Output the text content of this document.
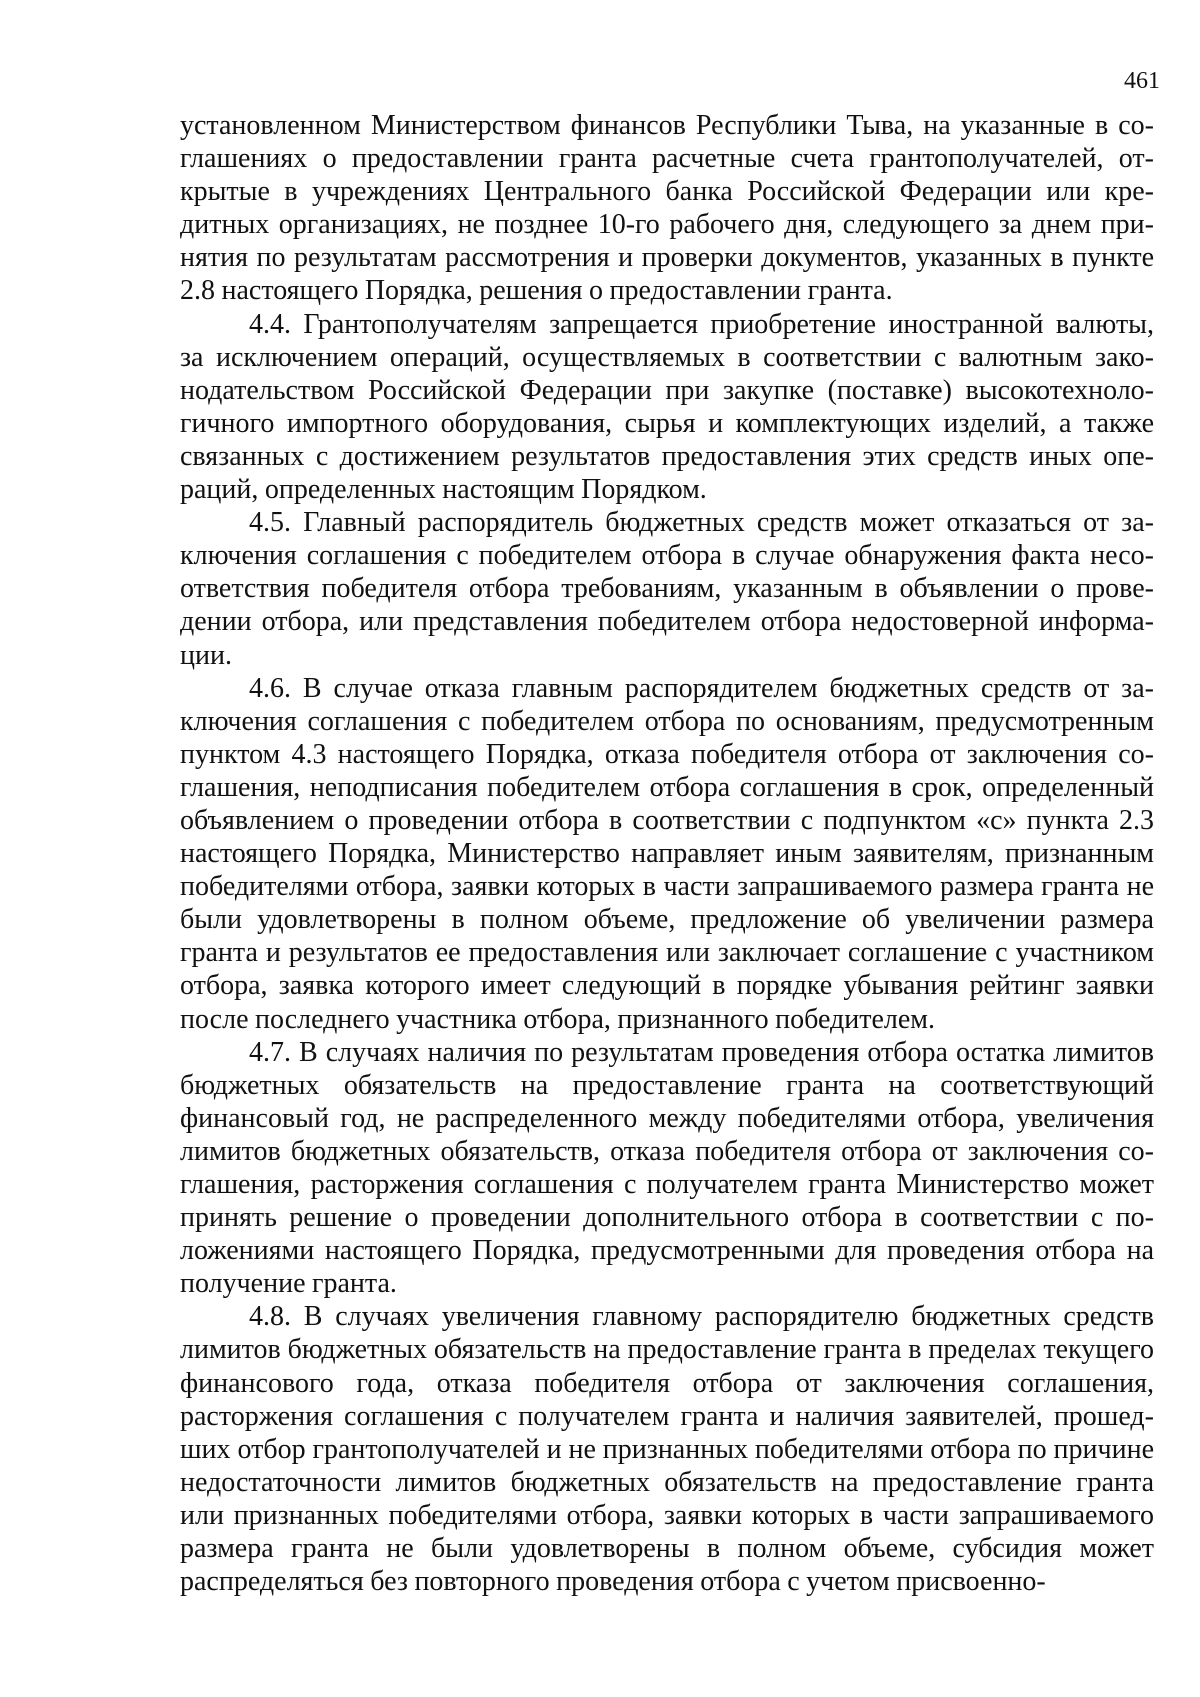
461

установленном Министерством финансов Республики Тыва, на указанные в соглашениях о предоставлении гранта расчетные счета грантополучателей, открытые в учреждениях Центрального банка Российской Федерации или кредитных организациях, не позднее 10-го рабочего дня, следующего за днем принятия по результатам рассмотрения и проверки документов, указанных в пункте 2.8 настоящего Порядка, решения о предоставлении гранта.

4.4. Грантополучателям запрещается приобретение иностранной валюты, за исключением операций, осуществляемых в соответствии с валютным законодательством Российской Федерации при закупке (поставке) высокотехнологичного импортного оборудования, сырья и комплектующих изделий, а также связанных с достижением результатов предоставления этих средств иных операций, определенных настоящим Порядком.

4.5. Главный распорядитель бюджетных средств может отказаться от заключения соглашения с победителем отбора в случае обнаружения факта несоответствия победителя отбора требованиям, указанным в объявлении о проведении отбора, или представления победителем отбора недостоверной информации.

4.6. В случае отказа главным распорядителем бюджетных средств от заключения соглашения с победителем отбора по основаниям, предусмотренным пунктом 4.3 настоящего Порядка, отказа победителя отбора от заключения соглашения, неподписания победителем отбора соглашения в срок, определенный объявлением о проведении отбора в соответствии с подпунктом «с» пункта 2.3 настоящего Порядка, Министерство направляет иным заявителям, признанным победителями отбора, заявки которых в части запрашиваемого размера гранта не были удовлетворены в полном объеме, предложение об увеличении размера гранта и результатов ее предоставления или заключает соглашение с участником отбора, заявка которого имеет следующий в порядке убывания рейтинг заявки после последнего участника отбора, признанного победителем.

4.7. В случаях наличия по результатам проведения отбора остатка лимитов бюджетных обязательств на предоставление гранта на соответствующий финансовый год, не распределенного между победителями отбора, увеличения лимитов бюджетных обязательств, отказа победителя отбора от заключения соглашения, расторжения соглашения с получателем гранта Министерство может принять решение о проведении дополнительного отбора в соответствии с положениями настоящего Порядка, предусмотренными для проведения отбора на получение гранта.

4.8. В случаях увеличения главному распорядителю бюджетных средств лимитов бюджетных обязательств на предоставление гранта в пределах текущего финансового года, отказа победителя отбора от заключения соглашения, расторжения соглашения с получателем гранта и наличия заявителей, прошедших отбор грантополучателей и не признанных победителями отбора по причине недостаточности лимитов бюджетных обязательств на предоставление гранта или признанных победителями отбора, заявки которых в части запрашиваемого размера гранта не были удовлетворены в полном объеме, субсидия может распределяться без повторного проведения отбора с учетом присвоенно-
